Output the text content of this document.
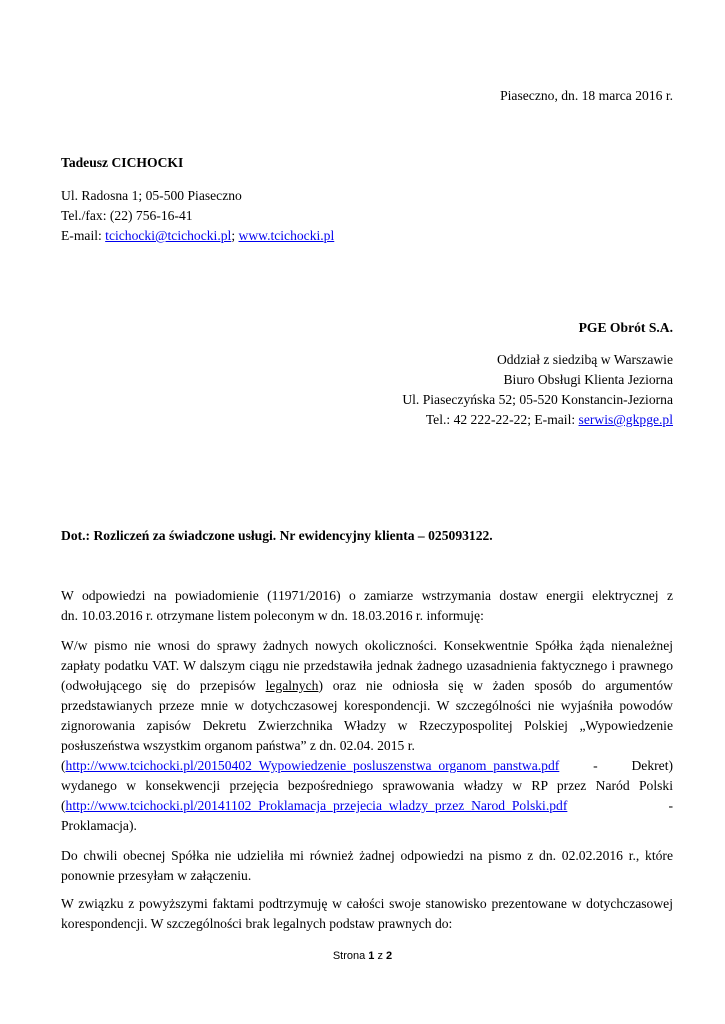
Piaseczno, dn. 18 marca 2016 r.
Tadeusz CICHOCKI
Ul. Radosna 1; 05-500 Piaseczno
Tel./fax: (22) 756-16-41
E-mail: tcichocki@tcichocki.pl; www.tcichocki.pl
PGE Obrót S.A.
Oddział z siedzibą w Warszawie
Biuro Obsługi Klienta Jeziorna
Ul. Piaseczyńska 52; 05-520 Konstancin-Jeziorna
Tel.: 42 222-22-22; E-mail: serwis@gkpge.pl
Dot.: Rozliczeń za świadczone usługi. Nr ewidencyjny klienta – 025093122.

W odpowiedzi na powiadomienie (11971/2016) o zamiarze wstrzymania dostaw energii elektrycznej z

dn. 10.03.2016 r. otrzymane listem poleconym w dn. 18.03.2016 r. informuję:

W/w pismo nie wnosi do sprawy żadnych nowych okoliczności. Konsekwentnie Spółka żąda nienależnej zapłaty podatku VAT. W dalszym ciągu nie przedstawiła jednak żadnego uzasadnienia faktycznego i prawnego (odwołującego się do przepisów legalnych) oraz nie odniosła się w żaden sposób do argumentów przedstawianych przeze mnie w dotychczasowej korespondencji. W szczególności nie wyjaśniła powodów zignorowania zapisów Dekretu Zwierzchnika Władzy w Rzeczypospolitej Polskiej „Wypowiedzenie posłuszeństwa wszystkim organom państwa” z dn. 02.04. 2015 r.

(http://www.tcichocki.pl/20150402_Wypowiedzenie_posluszenstwa_organom_panstwa.pdf - Dekret)

wydanego w konsekwencji przejęcia bezpośredniego sprawowania władzy w RP przez Naród Polski

(http://www.tcichocki.pl/20141102_Proklamacja_przejecia_wladzy_przez_Narod_Polski.pdf -

Proklamacja).

Do chwili obecnej Spółka nie udzieliła mi również żadnej odpowiedzi na pismo z dn. 02.02.2016 r., które ponownie przesyłam w załączeniu.
W związku z powyższymi faktami podtrzymuję w całości swoje stanowisko prezentowane w dotychczasowej korespondencji. W szczególności brak legalnych podstaw prawnych do:
Strona 1 z 2
